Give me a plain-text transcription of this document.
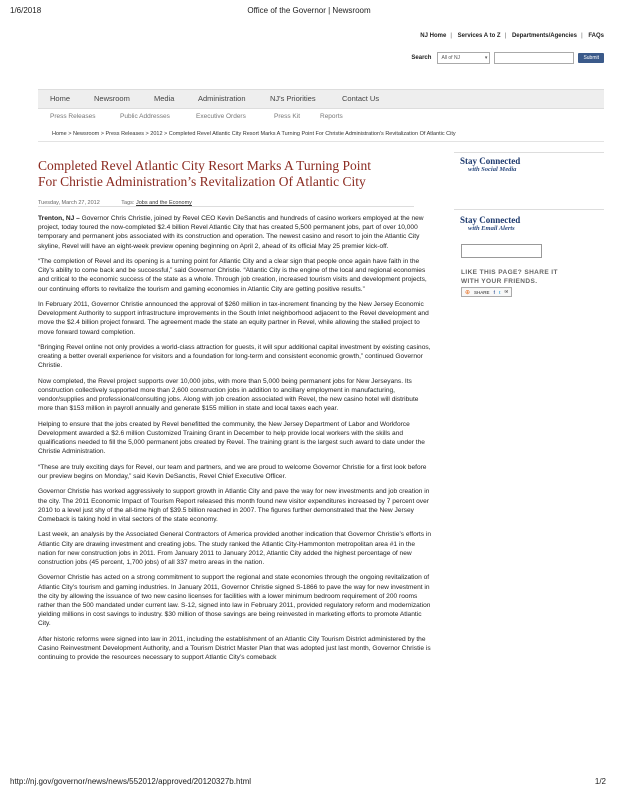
1/6/2018	Office of the Governor | Newsroom
NJ Home | Services A to Z | Departments/Agencies | FAQs
Search	All of NJ	▾	Submit
Home	Newsroom	Media	Administration	NJ's Priorities	Contact Us
Press Releases	Public Addresses	Executive Orders	Press Kit	Reports
Home > Newsroom > Press Releases > 2012 > Completed Revel Atlantic City Resort Marks A Turning Point For Christie Administration's Revitalization Of Atlantic City
Completed Revel Atlantic City Resort Marks A Turning Point
For Christie Administration’s Revitalization Of Atlantic City
Tuesday, March 27, 2012	Tags: Jobs and the Economy

Trenton, NJ – Governor Chris Christie, joined by Revel CEO Kevin DeSanctis and hundreds of casino workers employed at the new project, today toured the now-completed $2.4 billion Revel Atlantic City that has created 5,500 permanent jobs, part of over 10,000 temporary and permanent jobs associated with its construction and operation. The newest casino and resort to join the Atlantic City skyline, Revel will have an eight-week preview opening beginning on April 2, ahead of its official May 25 premier kick-off.

“The completion of Revel and its opening is a turning point for Atlantic City and a clear sign that people once again have faith in the City’s ability to come back and be successful,” said Governor Christie. “Atlantic City is the engine of the local and regional economies and critical to the economic success of the state as a whole. Through job creation, increased tourism visits and development projects, our continuing efforts to revitalize the tourism and gaming economies in Atlantic City are getting positive results.”

In February 2011, Governor Christie announced the approval of $260 million in tax-increment financing by the New Jersey Economic Development Authority to support infrastructure improvements in the South Inlet neighborhood adjacent to the Revel development and move the $2.4 billion project forward. The agreement made the state an equity partner in Revel, while allowing the stalled project to move forward toward completion.

“Bringing Revel online not only provides a world-class attraction for guests, it will spur additional capital investment by existing casinos, creating a better overall experience for visitors and a foundation for long-term and consistent economic growth,” continued Governor Christie.

Now completed, the Revel project supports over 10,000 jobs, with more than 5,000 being permanent jobs for New Jerseyans. Its construction collectively supported more than 2,600 construction jobs in addition to ancillary employment in manufacturing, vendor/supplies and professional/consulting jobs. Along with job creation associated with Revel, the new casino hotel will distribute more than $153 million in payroll annually and generate $155 million in state and local taxes each year.

Helping to ensure that the jobs created by Revel benefitted the community, the New Jersey Department of Labor and Workforce Development awarded a $2.6 million Customized Training Grant in December to help provide local workers with the skills and qualifications needed to fill the 5,000 permanent jobs created by Revel. The training grant is the largest such award to date under the Christie Administration.

“These are truly exciting days for Revel, our team and partners, and we are proud to welcome Governor Christie for a first look before our preview begins on Monday,” said Kevin DeSanctis, Revel Chief Executive Officer.

Governor Christie has worked aggressively to support growth in Atlantic City and pave the way for new investments and job creation in the city. The 2011 Economic Impact of Tourism Report released this month found new visitor expenditures increased by 7 percent over 2010 to a level just shy of the all-time high of $39.5 billion reached in 2007. The figures further demonstrated that the New Jersey Comeback is taking hold in vital sectors of the state economy.

Last week, an analysis by the Associated General Contractors of America provided another indication that Governor Christie’s efforts in Atlantic City are drawing investment and creating jobs. The study ranked the Atlantic City-Hammonton metropolitan area #1 in the nation for new construction jobs in 2011. From January 2011 to January 2012, Atlantic City added the highest percentage of new construction jobs (45 percent, 1,700 jobs) of all 337 metro areas in the nation.

Governor Christie has acted on a strong commitment to support the regional and state economies through the ongoing revitalization of Atlantic City’s tourism and gaming industries. In January 2011, Governor Christie signed S-1866 to pave the way for new investment in the city by allowing the issuance of two new casino licenses for facilities with a lower minimum bedroom requirement of 200 rooms rather than the 500 mandated under current law. S-12, signed into law in February 2011, provided regulatory reform and modernization yielding millions in cost savings to industry. $30 million of those savings are being reinvested in marketing efforts to promote Atlantic City.

After historic reforms were signed into law in 2011, including the establishment of an Atlantic City Tourism District administered by the Casino Reinvestment Development Authority, and a Tourism District Master Plan that was adopted just last month, Governor Christie is continuing to provide the resources necessary to support Atlantic City’s comeback

Stay Connected
with Social Media
Stay Connected
with Email Alerts
LIKE THIS PAGE? SHARE IT
WITH YOUR FRIENDS.
⊕ SHARE f t ✉
http://nj.gov/governor/news/news/552012/approved/20120327b.html	1/2
